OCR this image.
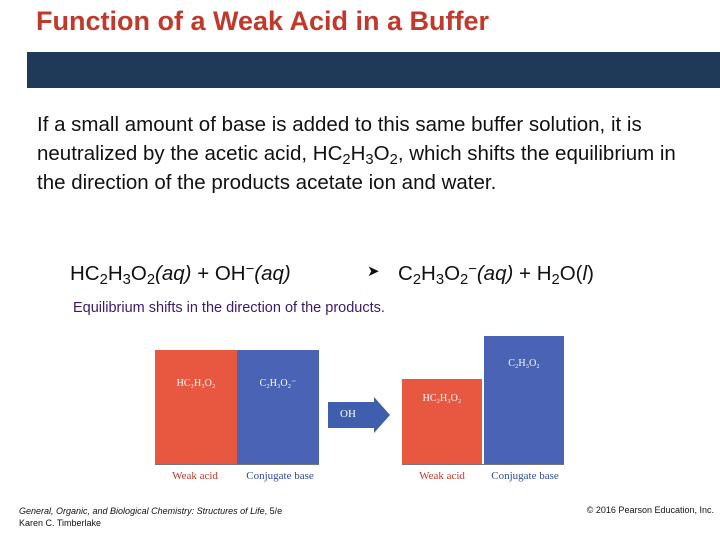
Function of a Weak Acid in a Buffer
If a small amount of base is added to this same buffer solution, it is neutralized by the acetic acid, $HC_2H_3O_2$, which shifts the equilibrium in the direction of the products acetate ion and water.
$HC_2H_3O_2(aq) + OH^-(aq)$	➤ $C_2H_3O_2^-(aq) + H_2O(l)$
Equilibrium shifts in the direction of the products.
HC₂H₃O₂	C₂H₃O₂⁻
Weak acid	Conjugate base
OH
HC₂H₃O₂
C₂H₃O₂
Weak acid	Conjugate base
General, Organic, and Biological Chemistry: Structures of Life, 5/e
Karen C. Timberlake
© 2016 Pearson Education, Inc.
